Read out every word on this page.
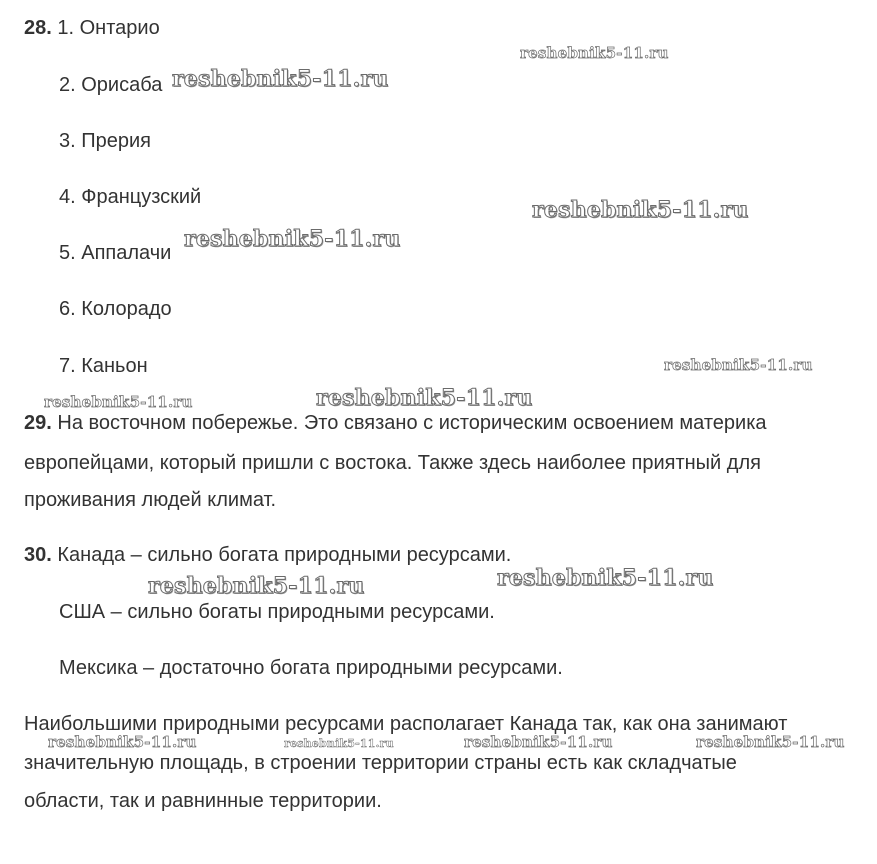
28. 1. Онтарио
2. Орисаба
3. Прерия
4. Французский
5. Аппалачи
6. Колорадо
7. Каньон
29. На восточном побережье. Это связано с историческим освоением материка
европейцами, который пришли с востока. Также здесь наиболее приятный для
проживания людей климат.
30. Канада – сильно богата природными ресурсами.
США – сильно богаты природными ресурсами.
Мексика – достаточно богата природными ресурсами.
Наибольшими природными ресурсами располагает Канада так, как она занимают
значительную площадь, в строении территории страны есть как складчатые
области, так и равнинные территории.
reshebnik5-11.ru
reshebnik5-11.ru
reshebnik5-11.ru
reshebnik5-11.ru
reshebnik5-11.ru
reshebnik5-11.ru	reshebnik5-11.ru
reshebnik5-11.ru	reshebnik5-11.ru
reshebnik5-11.ru	reshebnik5-11.ru	reshebnik5-11.ru	reshebnik5-11.ru
